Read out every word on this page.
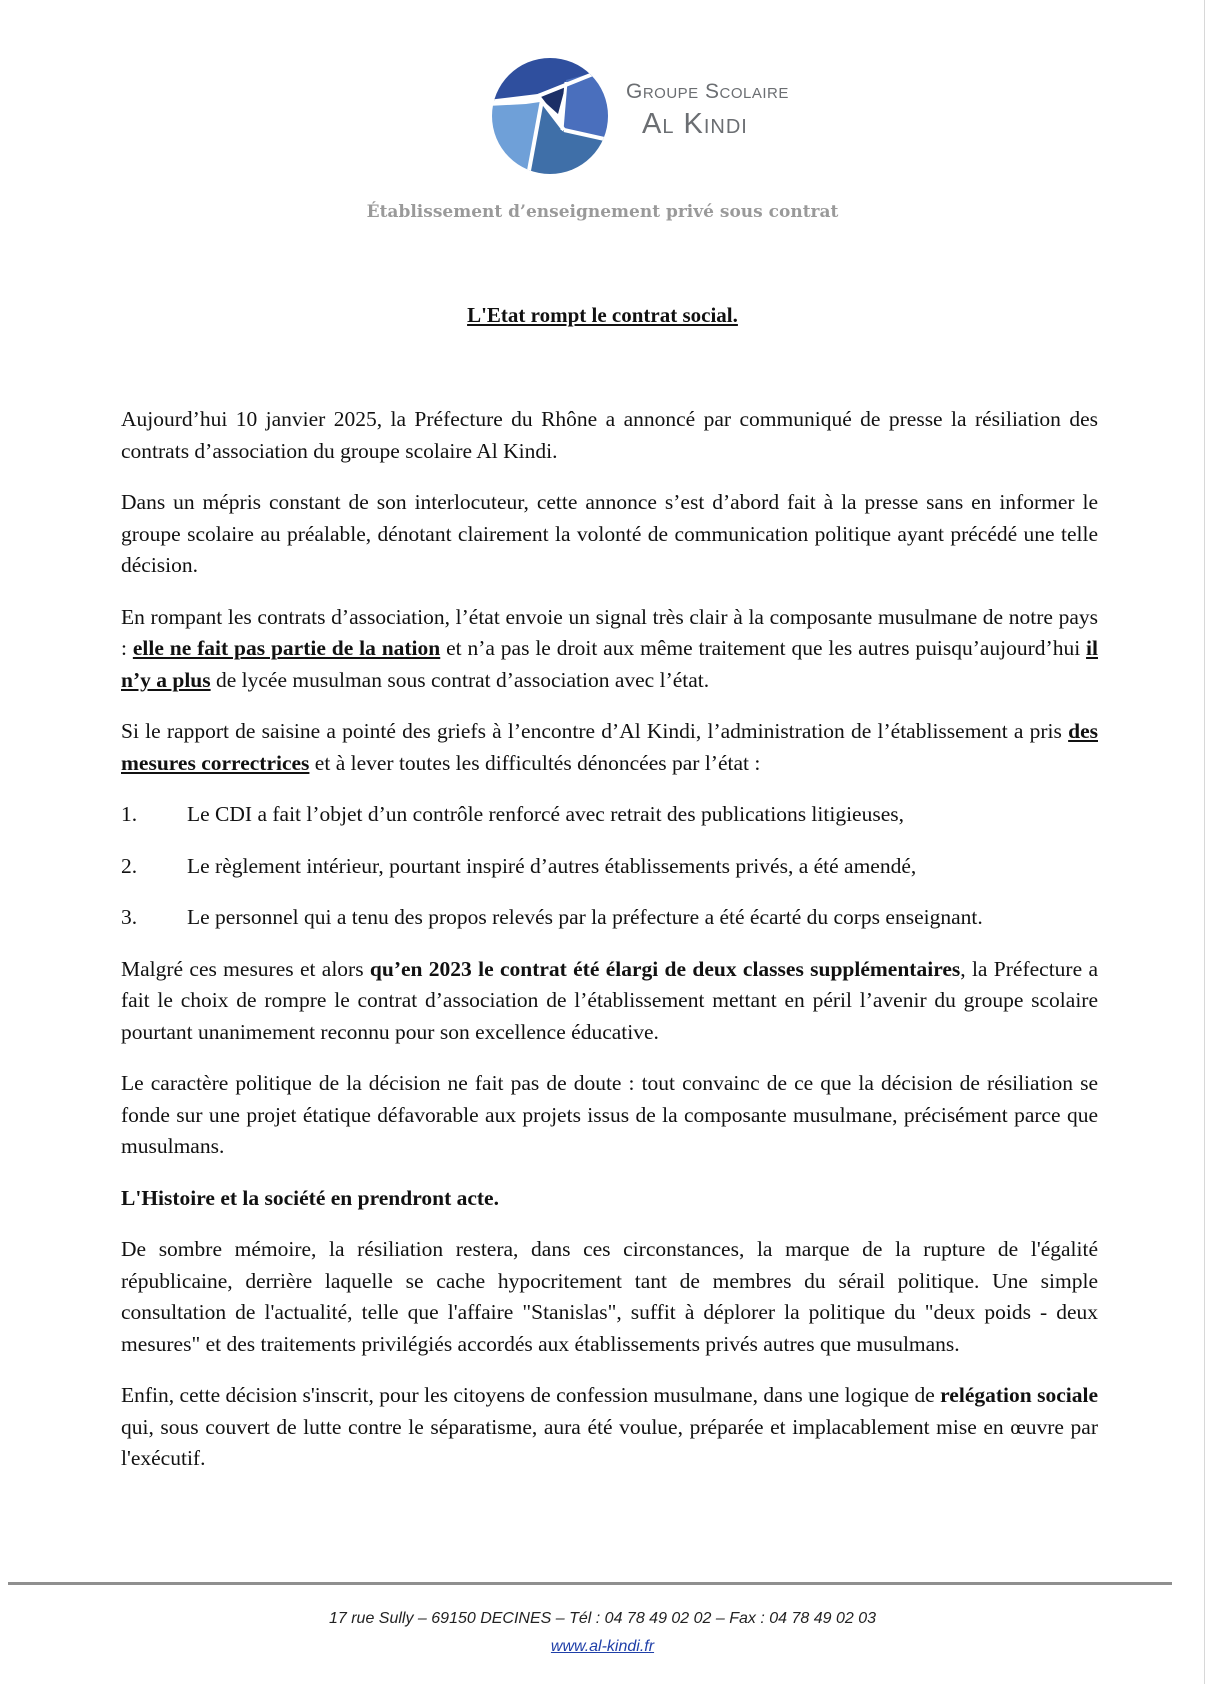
Groupe Scolaire
Al Kindi
Établissement d’enseignement privé sous contrat
L'Etat rompt le contrat social.

Aujourd’hui 10 janvier 2025, la Préfecture du Rhône a annoncé par communiqué de presse la résiliation des contrats d’association du groupe scolaire Al Kindi.

Dans un mépris constant de son interlocuteur, cette annonce s’est d’abord fait à la presse sans en informer le groupe scolaire au préalable, dénotant clairement la volonté de communication politique ayant précédé une telle décision.

En rompant les contrats d’association, l’état envoie un signal très clair à la composante musulmane de notre pays : elle ne fait pas partie de la nation et n’a pas le droit aux même traitement que les autres puisqu’aujourd’hui il n’y a plus de lycée musulman sous contrat d’association avec l’état.

Si le rapport de saisine a pointé des griefs à l’encontre d’Al Kindi, l’administration de l’établissement a pris des mesures correctrices et à lever toutes les difficultés dénoncées par l’état :

1.	Le CDI a fait l’objet d’un contrôle renforcé avec retrait des publications litigieuses,
2.	Le règlement intérieur, pourtant inspiré d’autres établissements privés, a été amendé,
3.	Le personnel qui a tenu des propos relevés par la préfecture a été écarté du corps enseignant.

Malgré ces mesures et alors qu’en 2023 le contrat été élargi de deux classes supplémentaires, la Préfecture a fait le choix de rompre le contrat d’association de l’établissement mettant en péril l’avenir du groupe scolaire pourtant unanimement reconnu pour son excellence éducative.

Le caractère politique de la décision ne fait pas de doute : tout convainc de ce que la décision de résiliation se fonde sur une projet étatique défavorable aux projets issus de la composante musulmane, précisément parce que musulmans.

L'Histoire et la société en prendront acte.

De sombre mémoire, la résiliation restera, dans ces circonstances, la marque de la rupture de l'égalité républicaine, derrière laquelle se cache hypocritement tant de membres du sérail politique. Une simple consultation de l'actualité, telle que l'affaire "Stanislas", suffit à déplorer la politique du "deux poids - deux mesures" et des traitements privilégiés accordés aux établissements privés autres que musulmans.

Enfin, cette décision s'inscrit, pour les citoyens de confession musulmane, dans une logique de relégation sociale qui, sous couvert de lutte contre le séparatisme, aura été voulue, préparée et implacablement mise en œuvre par l'exécutif.

17 rue Sully – 69150 DECINES – Tél : 04 78 49 02 02 – Fax : 04 78 49 02 03
www.al-kindi.fr
